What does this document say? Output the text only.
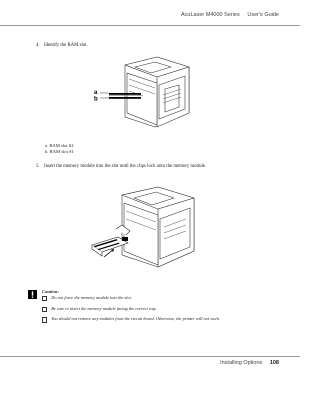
AcuLaser M4000 Series User's Guide
4. Identify the RAM slot.
a
b
a. RAM slot S2
b. RAM slot S1
5. Insert the memory module into the slot until the clips lock onto the memory module.
Caution:
Do not force the memory module into the slot.
Be sure to insert the memory module facing the correct way.
You should not remove any modules from the circuit board. Otherwise, the printer will not work.
Installing Options 108
